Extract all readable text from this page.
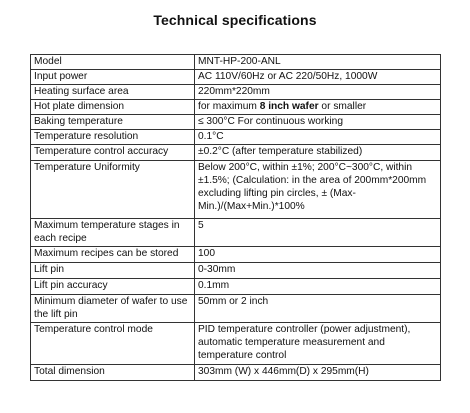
Technical specifications
Model	MNT-HP-200-ANL
Input power	AC 110V/60Hz or AC 220/50Hz, 1000W
Heating surface area	220mm*220mm
Hot plate dimension	for maximum 8 inch wafer or smaller
Baking temperature	≤ 300°C For continuous working
Temperature resolution	0.1°C
Temperature control accuracy	±0.2°C (after temperature stabilized)
Temperature Uniformity	Below 200°C, within ±1%; 200°C~300°C, within ±1.5%; (Calculation: in the area of 200mm*200mm excluding lifting pin circles, ± (Max-Min.)/(Max+Min.)*100%
Maximum temperature stages in each recipe	5
Maximum recipes can be stored	100
Lift pin	0-30mm
Lift pin accuracy	0.1mm
Minimum diameter of wafer to use the lift pin	50mm or 2 inch
Temperature control mode	PID temperature controller (power adjustment), automatic temperature measurement and temperature control
Total dimension	303mm (W) x 446mm(D) x 295mm(H)
